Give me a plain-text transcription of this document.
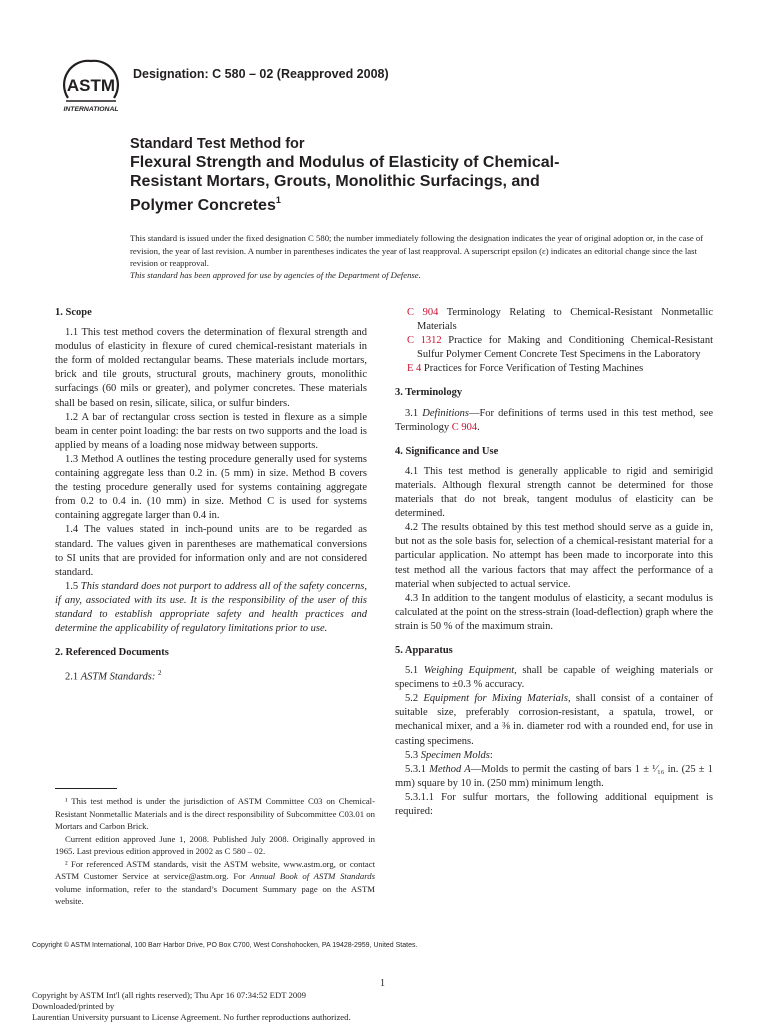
ASTM
INTERNATIONAL
Designation: C 580 – 02 (Reapproved 2008)
Standard Test Method for
Flexural Strength and Modulus of Elasticity of Chemical-
Resistant Mortars, Grouts, Monolithic Surfacings, and
Polymer Concretes$^1$
This standard is issued under the fixed designation C 580; the number immediately following the designation indicates the year of original adoption or, in the case of revision, the year of last revision. A number in parentheses indicates the year of last reapproval. A superscript epsilon (ε) indicates an editorial change since the last revision or reapproval.
This standard has been approved for use by agencies of the Department of Defense.
1. Scope

1.1 This test method covers the determination of flexural strength and modulus of elasticity in flexure of cured chemical-resistant materials in the form of molded rectangular beams. These materials include mortars, brick and tile grouts, structural grouts, machinery grouts, monolithic surfacings (60 mils or greater), and polymer concretes. These materials shall be based on resin, silicate, silica, or sulfur binders.

1.2 A bar of rectangular cross section is tested in flexure as a simple beam in center point loading: the bar rests on two supports and the load is applied by means of a loading nose midway between supports.

1.3 Method A outlines the testing procedure generally used for systems containing aggregate less than 0.2 in. (5 mm) in size. Method B covers the testing procedure generally used for systems containing aggregate from 0.2 to 0.4 in. (10 mm) in size. Method C is used for systems containing aggregate larger than 0.4 in.

1.4 The values stated in inch-pound units are to be regarded as standard. The values given in parentheses are mathematical conversions to SI units that are provided for information only and are not considered standard.

1.5 This standard does not purport to address all of the safety concerns, if any, associated with its use. It is the responsibility of the user of this standard to establish appropriate safety and health practices and determine the applicability of regulatory limitations prior to use.

2. Referenced Documents

2.1 ASTM Standards: $^2$

C 904 Terminology Relating to Chemical-Resistant Nonmetallic Materials

C 1312 Practice for Making and Conditioning Chemical-Resistant Sulfur Polymer Cement Concrete Test Specimens in the Laboratory

E 4 Practices for Force Verification of Testing Machines

3. Terminology

3.1 Definitions—For definitions of terms used in this test method, see Terminology C 904.

4. Significance and Use

4.1 This test method is generally applicable to rigid and semirigid materials. Although flexural strength cannot be determined for those materials that do not break, tangent modulus of elasticity can be determined.

4.2 The results obtained by this test method should serve as a guide in, but not as the sole basis for, selection of a chemical-resistant material for a particular application. No attempt has been made to incorporate into this test method all the various factors that may affect the performance of a material when subjected to actual service.

4.3 In addition to the tangent modulus of elasticity, a secant modulus is calculated at the point on the stress-strain (load-deflection) graph where the strain is 50 % of the maximum strain.

5. Apparatus

5.1 Weighing Equipment, shall be capable of weighing materials or specimens to ±0.3 % accuracy.

5.2 Equipment for Mixing Materials, shall consist of a container of suitable size, preferably corrosion-resistant, a spatula, trowel, or mechanical mixer, and a ⅜ in. diameter rod with a rounded end, for use in casting specimens.

5.3 Specimen Molds:

5.3.1 Method A—Molds to permit the casting of bars 1 ± ¹⁄₁₆ in. (25 ± 1 mm) square by 10 in. (250 mm) minimum length.

5.3.1.1 For sulfur mortars, the following additional equipment is required:

¹ This test method is under the jurisdiction of ASTM Committee C03 on Chemical-Resistant Nonmetallic Materials and is the direct responsibility of Subcommittee C03.01 on Mortars and Carbon Brick.

Current edition approved June 1, 2008. Published July 2008. Originally approved in 1965. Last previous edition approved in 2002 as C 580 – 02.

² For referenced ASTM standards, visit the ASTM website, www.astm.org, or contact ASTM Customer Service at service@astm.org. For Annual Book of ASTM Standards volume information, refer to the standard’s Document Summary page on the ASTM website.

Copyright © ASTM International, 100 Barr Harbor Drive, PO Box C700, West Conshohocken, PA 19428-2959, United States.
1
Copyright by ASTM Int'l (all rights reserved); Thu Apr 16 07:34:52 EDT 2009
Downloaded/printed by
Laurentian University pursuant to License Agreement. No further reproductions authorized.
